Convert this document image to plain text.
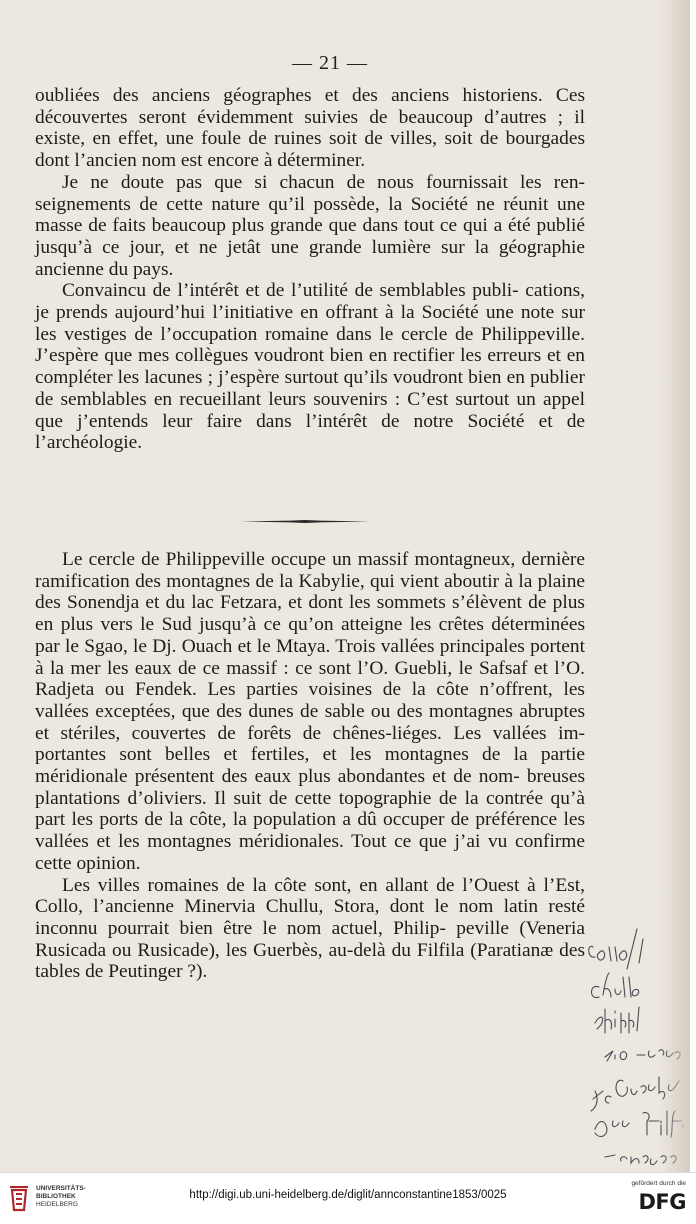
— 21 —

oubliées des anciens géographes et des anciens historiens. Ces découvertes seront évidemment suivies de beaucoup d’autres ; il existe, en effet, une foule de ruines soit de villes, soit de bourgades dont l’ancien nom est encore à déterminer.

Je ne doute pas que si chacun de nous fournissait les ren- seignements de cette nature qu’il possède, la Société ne réunit une masse de faits beaucoup plus grande que dans tout ce qui a été publié jusqu’à ce jour, et ne jetât une grande lumière sur la géographie ancienne du pays.

Convaincu de l’intérêt et de l’utilité de semblables publi- cations, je prends aujourd’hui l’initiative en offrant à la Société une note sur les vestiges de l’occupation romaine dans le cercle de Philippeville. J’espère que mes collègues voudront bien en rectifier les erreurs et en compléter les lacunes ; j’espère surtout qu’ils voudront bien en publier de semblables en recueillant leurs souvenirs : C’est surtout un appel que j’entends leur faire dans l’intérêt de notre Société et de l’archéologie.

Le cercle de Philippeville occupe un massif montagneux, dernière ramification des montagnes de la Kabylie, qui vient aboutir à la plaine des Sonendja et du lac Fetzara, et dont les sommets s’élèvent de plus en plus vers le Sud jusqu’à ce qu’on atteigne les crêtes déterminées par le Sgao, le Dj. Ouach et le Mtaya. Trois vallées principales portent à la mer les eaux de ce massif : ce sont l’O. Guebli, le Safsaf et l’O. Radjeta ou Fendek. Les parties voisines de la côte n’offrent, les vallées exceptées, que des dunes de sable ou des montagnes abruptes et stériles, couvertes de forêts de chênes-liéges. Les vallées im- portantes sont belles et fertiles, et les montagnes de la partie méridionale présentent des eaux plus abondantes et de nom- breuses plantations d’oliviers. Il suit de cette topographie de la contrée qu’à part les ports de la côte, la population a dû occuper de préférence les vallées et les montagnes méridionales. Tout ce que j’ai vu confirme cette opinion.

Les villes romaines de la côte sont, en allant de l’Ouest à l’Est, Collo, l’ancienne Minervia Chullu, Stora, dont le nom latin resté inconnu pourrait bien être le nom actuel, Philip- peville (Veneria Rusicada ou Rusicade), les Guerbès, au-delà du Filfila (Paratianæ des tables de Peutinger ?).

UNIVERSITÄTS-
BIBLIOTHEK
HEIDELBERG
http://digi.ub.uni-heidelberg.de/diglit/annconstantine1853/0025
gefördert durch die
DFG
